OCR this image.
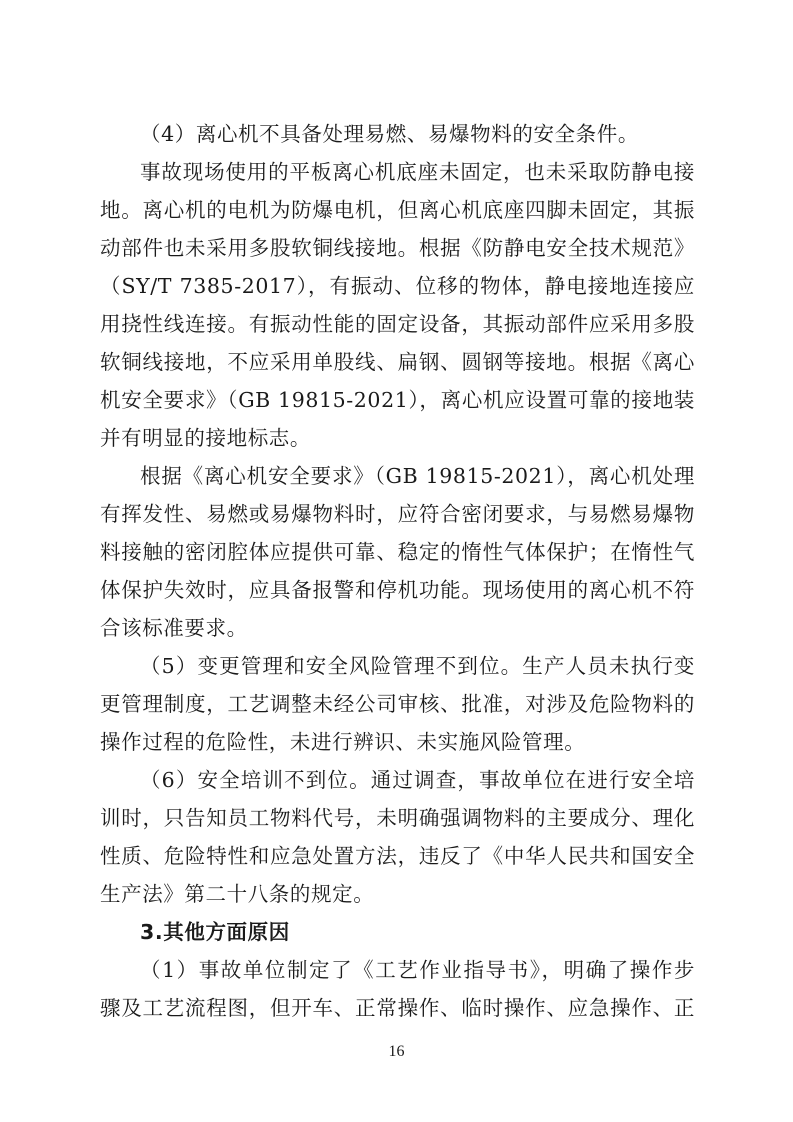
（4）离心机不具备处理易燃、易爆物料的安全条件。
事故现场使用的平板离心机底座未固定，也未采取防静电接
地。离心机的电机为防爆电机，但离心机底座四脚未固定，其振
动部件也未采用多股软铜线接地。根据《防静电安全技术规范》
（SY/T 7385-2017），有振动、位移的物体，静电接地连接应
用挠性线连接。有振动性能的固定设备，其振动部件应采用多股
软铜线接地，不应采用单股线、扁钢、圆钢等接地。根据《离心
机安全要求》（GB 19815-2021），离心机应设置可靠的接地装
并有明显的接地标志。
根据《离心机安全要求》（GB 19815-2021），离心机处理
有挥发性、易燃或易爆物料时，应符合密闭要求，与易燃易爆物
料接触的密闭腔体应提供可靠、稳定的惰性气体保护；在惰性气
体保护失效时，应具备报警和停机功能。现场使用的离心机不符
合该标准要求。
（5）变更管理和安全风险管理不到位。生产人员未执行变
更管理制度，工艺调整未经公司审核、批准，对涉及危险物料的
操作过程的危险性，未进行辨识、未实施风险管理。
（6）安全培训不到位。通过调查，事故单位在进行安全培
训时，只告知员工物料代号，未明确强调物料的主要成分、理化
性质、危险特性和应急处置方法，违反了《中华人民共和国安全
生产法》第二十八条的规定。
3.其他方面原因
（1）事故单位制定了《工艺作业指导书》，明确了操作步
骤及工艺流程图，但开车、正常操作、临时操作、应急操作、正
16
